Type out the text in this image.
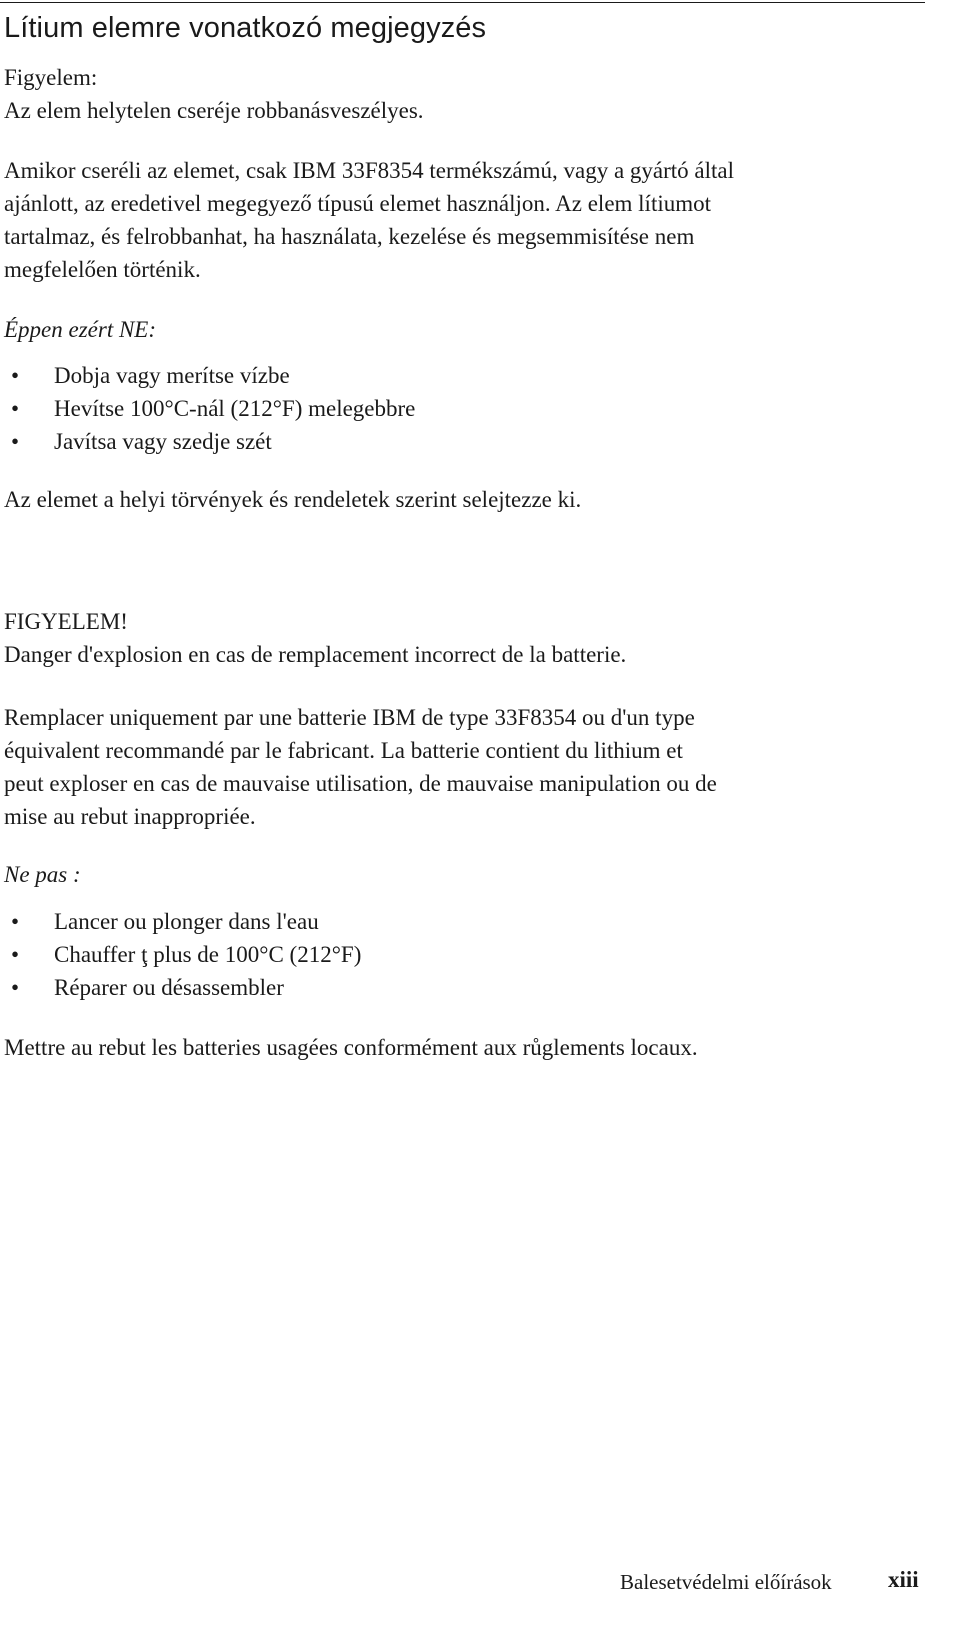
Lítium elemre vonatkozó megjegyzés

Figyelem:
Az elem helytelen cseréje robbanásveszélyes.

Amikor cseréli az elemet, csak IBM 33F8354 termékszámú, vagy a gyártó által
ajánlott, az eredetivel megegyező típusú elemet használjon. Az elem lítiumot
tartalmaz, és felrobbanhat, ha használata, kezelése és megsemmisítése nem
megfelelően történik.

Éppen ezért NE:

• Dobja vagy merítse vízbe
• Hevítse 100°C-nál (212°F) melegebbre
• Javítsa vagy szedje szét

Az elemet a helyi törvények és rendeletek szerint selejtezze ki.

FIGYELEM!
Danger d'explosion en cas de remplacement incorrect de la batterie.

Remplacer uniquement par une batterie IBM de type 33F8354 ou d'un type
équivalent recommandé par le fabricant. La batterie contient du lithium et
peut exploser en cas de mauvaise utilisation, de mauvaise manipulation ou de
mise au rebut inappropriée.

Ne pas :

• Lancer ou plonger dans l'eau
• Chauffer ţ plus de 100°C (212°F)
• Réparer ou désassembler

Mettre au rebut les batteries usagées conformément aux růglements locaux.

Balesetvédelmi előírások xiii
